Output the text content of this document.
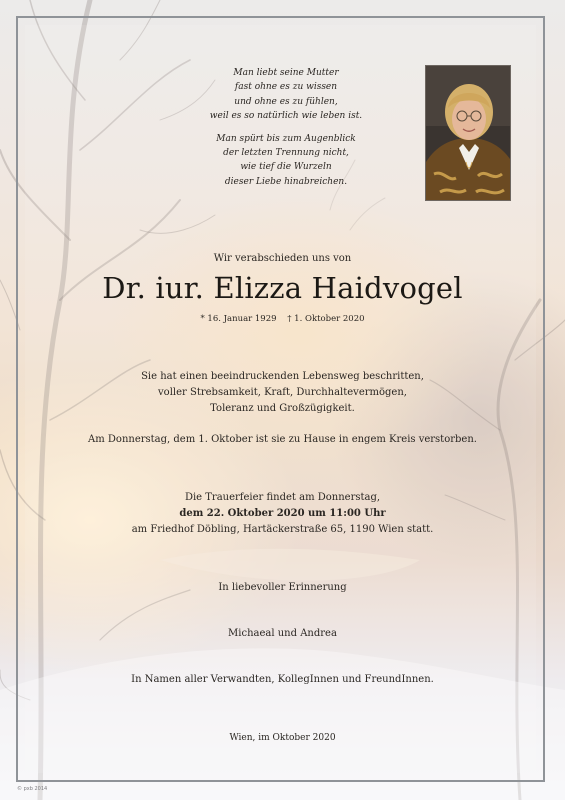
Man liebt seine Mutter
fast ohne es zu wissen
und ohne es zu fühlen,
weil es so natürlich wie leben ist.
Man spürt bis zum Augenblick
der letzten Trennung nicht,
wie tief die Wurzeln
dieser Liebe hinabreichen.
Wir verabschieden uns von
Dr. iur. Elizza Haidvogel
* 16. Januar 1929 † 1. Oktober 2020
Sie hat einen beeindruckenden Lebensweg beschritten,
voller Strebsamkeit, Kraft, Durchhaltevermögen,
Toleranz und Großzügigkeit.
Am Donnerstag, dem 1. Oktober ist sie zu Hause in engem Kreis verstorben.
Die Trauerfeier findet am Donnerstag,
dem 22. Oktober 2020 um 11:00 Uhr
am Friedhof Döbling, Hartäckerstraße 65, 1190 Wien statt.
In liebevoller Erinnerung
Michaeal und Andrea
In Namen aller Verwandten, KollegInnen und FreundInnen.
Wien, im Oktober 2020
© pxb 2014
